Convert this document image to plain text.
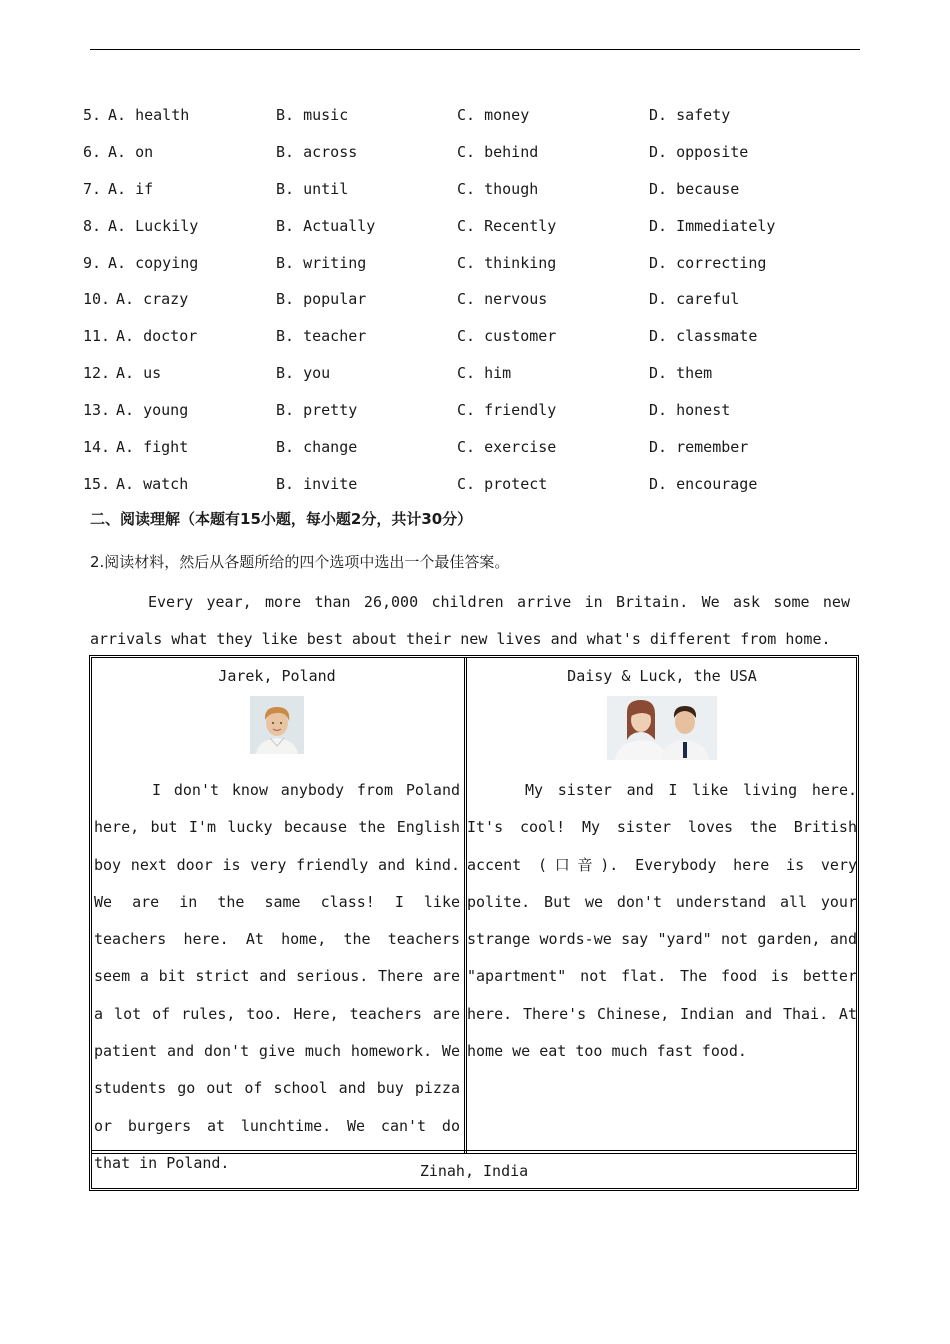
5. A. health	B. music	C. money	D. safety
6. A. on	B. across	C. behind	D. opposite
7. A. if	B. until	C. though	D. because
8. A. Luckily	B. Actually	C. Recently	D. Immediately
9. A. copying	B. writing	C. thinking	D. correcting
10. A. crazy	B. popular	C. nervous	D. careful
11. A. doctor	B. teacher	C. customer	D. classmate
12. A. us	B. you	C. him	D. them
13. A. young	B. pretty	C. friendly	D. honest
14. A. fight	B. change	C. exercise	D. remember
15. A. watch	B. invite	C. protect	D. encourage
二、阅读理解（本题有15小题，每小题2分，共计30分）
2.阅读材料，然后从各题所给的四个选项中选出一个最佳答案。
Every year, more than 26,000 children arrive in Britain. We ask some new arrivals what they like best about their new lives and what's different from home.
Jarek, Poland
I don't know anybody from Poland here, but I'm lucky because the English boy next door is very friendly and kind. We are in the same class! I like teachers here. At home, the teachers seem a bit strict and serious. There are a lot of rules, too. Here, teachers are patient and don't give much homework. We students go out of school and buy pizza or burgers at lunchtime. We can't do that in Poland.
Daisy & Luck, the USA
My sister and I like living here. It's cool! My sister loves the British accent (口音). Everybody here is very polite. But we don't understand all your strange words-we say "yard" not garden, and "apartment" not flat. The food is better here. There's Chinese, Indian and Thai. At home we eat too much fast food.
Zinah, India
